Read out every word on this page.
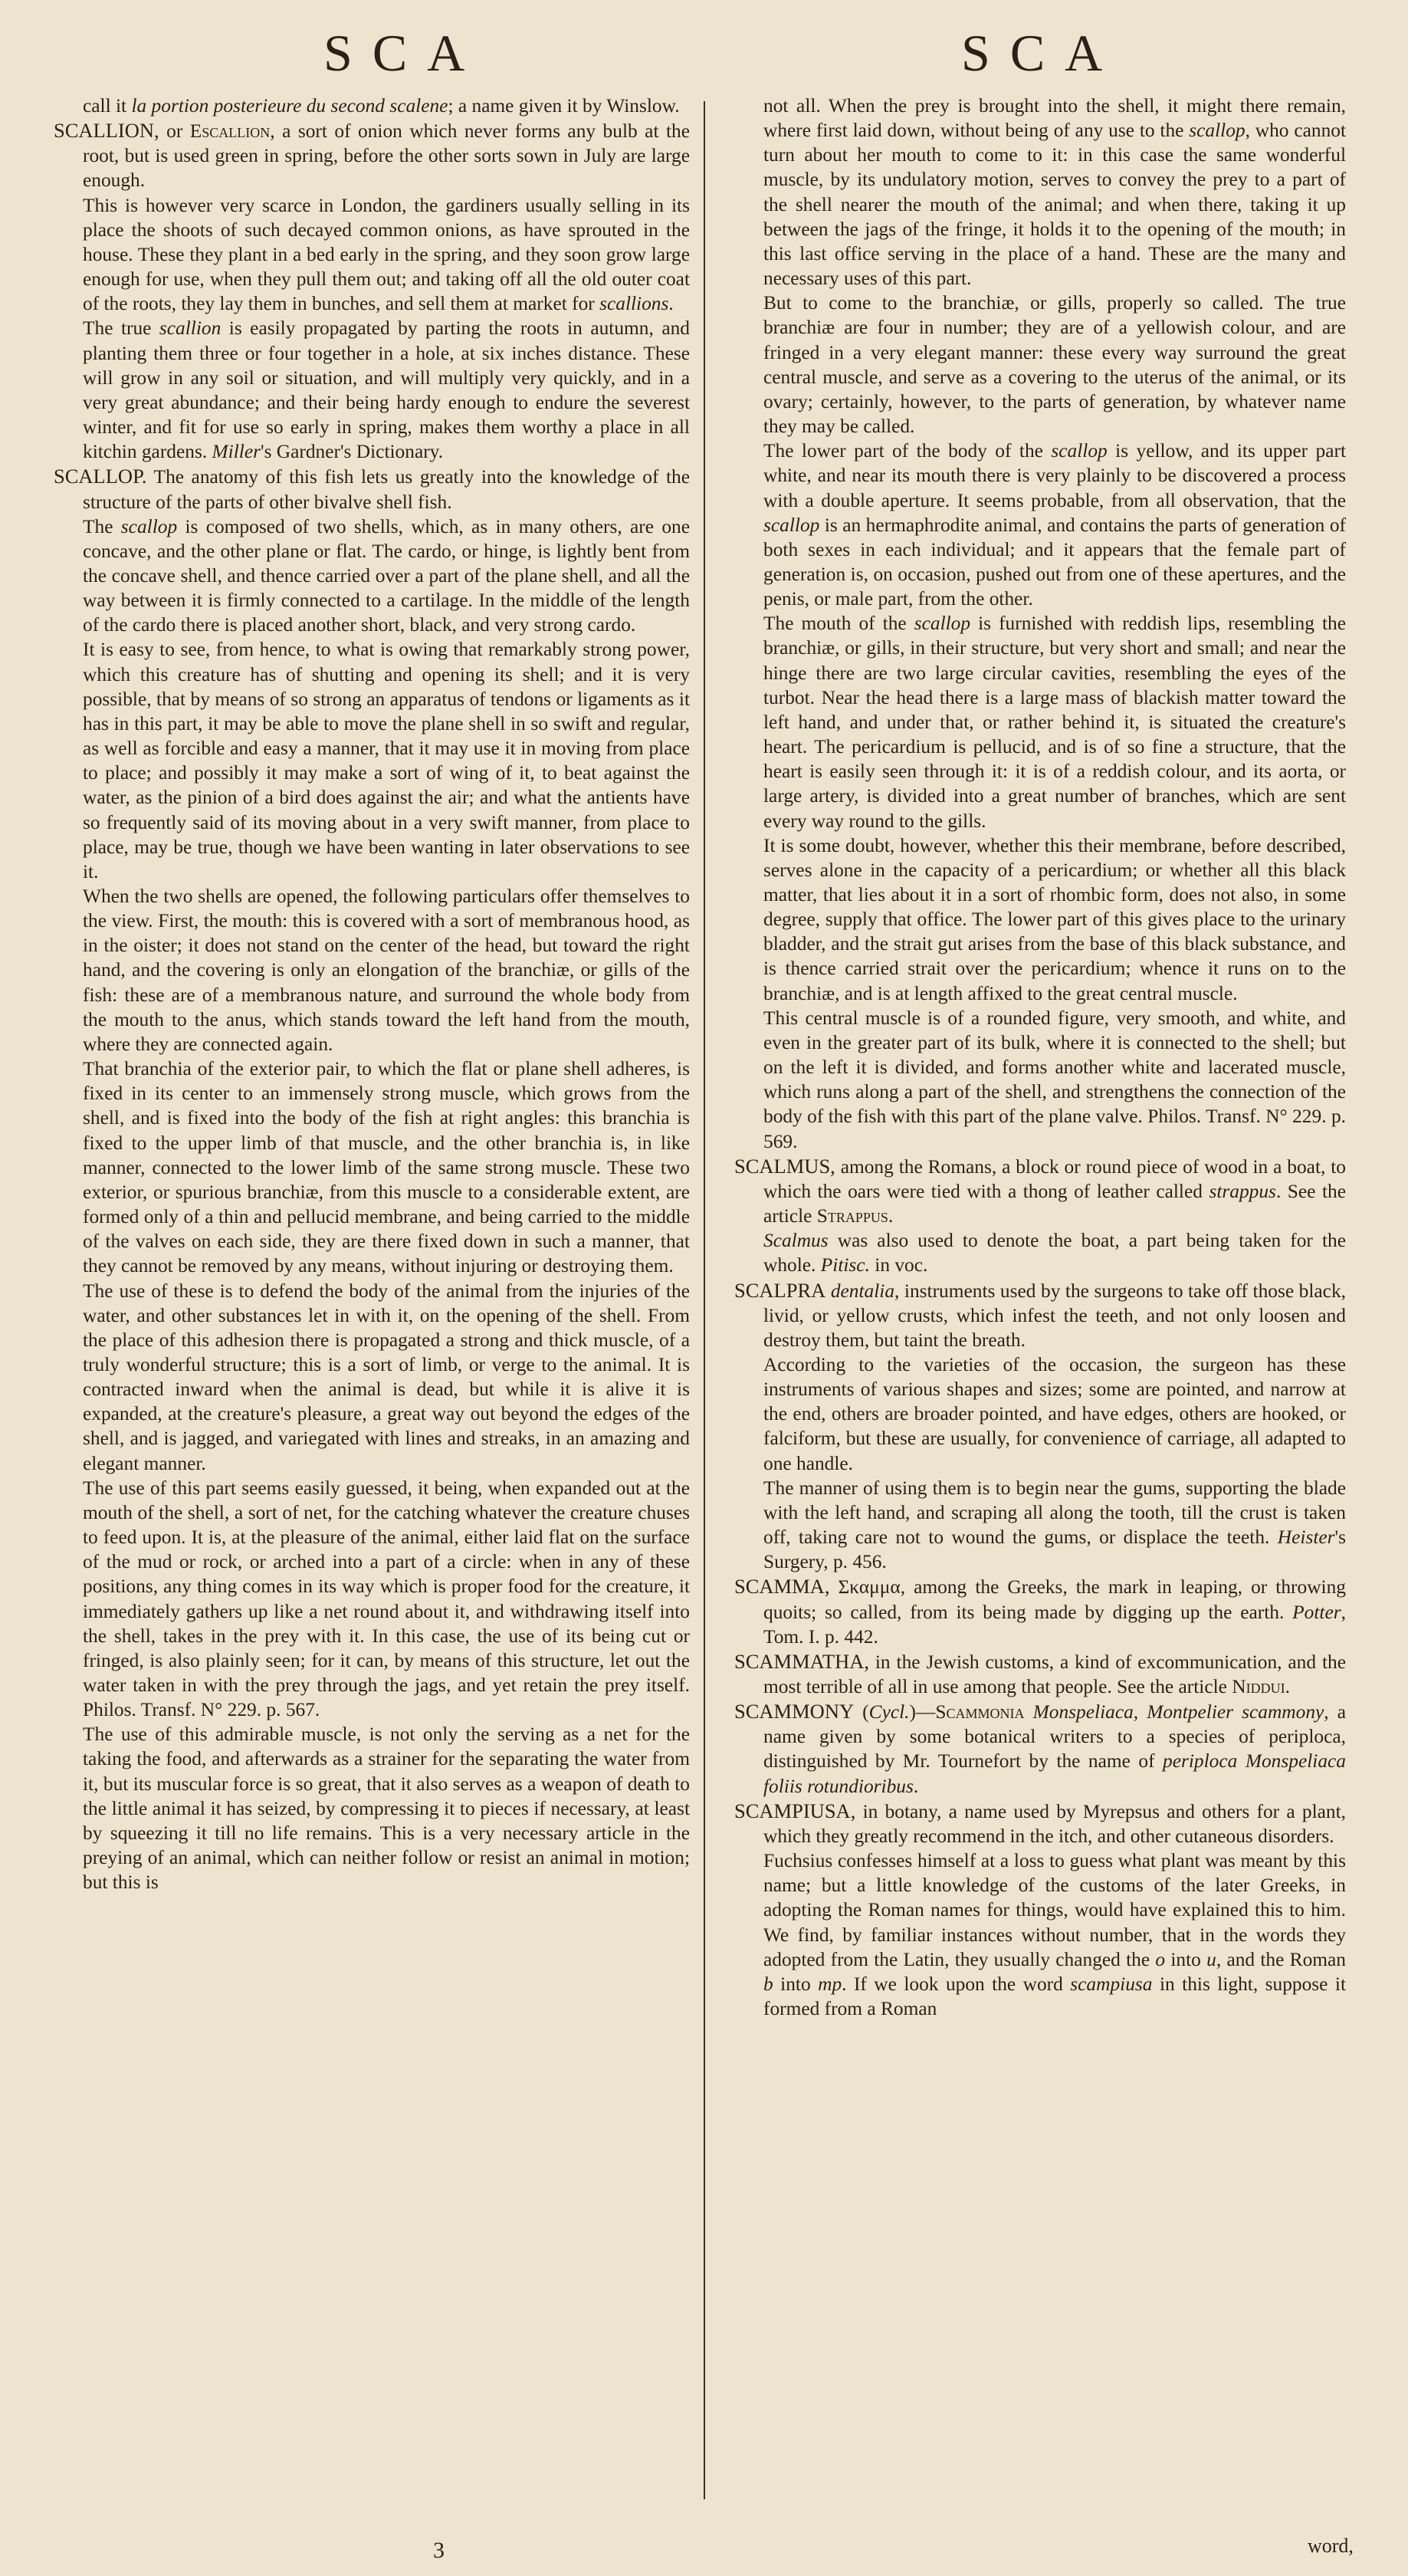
SCA	SCA

call it la portion posterieure du second scalene; a name given it by Winslow.

SCALLION, or Escallion, a sort of onion which never forms any bulb at the root, but is used green in spring, before the other sorts sown in July are large enough.

This is however very scarce in London, the gardiners usually selling in its place the shoots of such decayed common onions, as have sprouted in the house. These they plant in a bed early in the spring, and they soon grow large enough for use, when they pull them out; and taking off all the old outer coat of the roots, they lay them in bunches, and sell them at market for scallions.

The true scallion is easily propagated by parting the roots in autumn, and planting them three or four together in a hole, at six inches distance. These will grow in any soil or situation, and will multiply very quickly, and in a very great abundance; and their being hardy enough to endure the severest winter, and fit for use so early in spring, makes them worthy a place in all kitchin gardens. Miller's Gardner's Dictionary.

SCALLOP. The anatomy of this fish lets us greatly into the knowledge of the structure of the parts of other bivalve shell fish.

The scallop is composed of two shells, which, as in many others, are one concave, and the other plane or flat. The cardo, or hinge, is lightly bent from the concave shell, and thence carried over a part of the plane shell, and all the way between it is firmly connected to a cartilage. In the middle of the length of the cardo there is placed another short, black, and very strong cardo.

It is easy to see, from hence, to what is owing that remarkably strong power, which this creature has of shutting and opening its shell; and it is very possible, that by means of so strong an apparatus of tendons or ligaments as it has in this part, it may be able to move the plane shell in so swift and regular, as well as forcible and easy a manner, that it may use it in moving from place to place; and possibly it may make a sort of wing of it, to beat against the water, as the pinion of a bird does against the air; and what the antients have so frequently said of its moving about in a very swift manner, from place to place, may be true, though we have been wanting in later observations to see it.

When the two shells are opened, the following particulars offer themselves to the view. First, the mouth: this is covered with a sort of membranous hood, as in the oister; it does not stand on the center of the head, but toward the right hand, and the covering is only an elongation of the branchiæ, or gills of the fish: these are of a membranous nature, and surround the whole body from the mouth to the anus, which stands toward the left hand from the mouth, where they are connected again.

That branchia of the exterior pair, to which the flat or plane shell adheres, is fixed in its center to an immensely strong muscle, which grows from the shell, and is fixed into the body of the fish at right angles: this branchia is fixed to the upper limb of that muscle, and the other branchia is, in like manner, connected to the lower limb of the same strong muscle. These two exterior, or spurious branchiæ, from this muscle to a considerable extent, are formed only of a thin and pellucid membrane, and being carried to the middle of the valves on each side, they are there fixed down in such a manner, that they cannot be removed by any means, without injuring or destroying them.

The use of these is to defend the body of the animal from the injuries of the water, and other substances let in with it, on the opening of the shell. From the place of this adhesion there is propagated a strong and thick muscle, of a truly wonderful structure; this is a sort of limb, or verge to the animal. It is contracted inward when the animal is dead, but while it is alive it is expanded, at the creature's pleasure, a great way out beyond the edges of the shell, and is jagged, and variegated with lines and streaks, in an amazing and elegant manner.

The use of this part seems easily guessed, it being, when expanded out at the mouth of the shell, a sort of net, for the catching whatever the creature chuses to feed upon. It is, at the pleasure of the animal, either laid flat on the surface of the mud or rock, or arched into a part of a circle: when in any of these positions, any thing comes in its way which is proper food for the creature, it immediately gathers up like a net round about it, and withdrawing itself into the shell, takes in the prey with it. In this case, the use of its being cut or fringed, is also plainly seen; for it can, by means of this structure, let out the water taken in with the prey through the jags, and yet retain the prey itself. Philos. Transf. N° 229. p. 567.

The use of this admirable muscle, is not only the serving as a net for the taking the food, and afterwards as a strainer for the separating the water from it, but its muscular force is so great, that it also serves as a weapon of death to the little animal it has seized, by compressing it to pieces if necessary, at least by squeezing it till no life remains. This is a very necessary article in the preying of an animal, which can neither follow or resist an animal in motion; but this is

not all. When the prey is brought into the shell, it might there remain, where first laid down, without being of any use to the scallop, who cannot turn about her mouth to come to it: in this case the same wonderful muscle, by its undulatory motion, serves to convey the prey to a part of the shell nearer the mouth of the animal; and when there, taking it up between the jags of the fringe, it holds it to the opening of the mouth; in this last office serving in the place of a hand. These are the many and necessary uses of this part.

But to come to the branchiæ, or gills, properly so called. The true branchiæ are four in number; they are of a yellowish colour, and are fringed in a very elegant manner: these every way surround the great central muscle, and serve as a covering to the uterus of the animal, or its ovary; certainly, however, to the parts of generation, by whatever name they may be called.

The lower part of the body of the scallop is yellow, and its upper part white, and near its mouth there is very plainly to be discovered a process with a double aperture. It seems probable, from all observation, that the scallop is an hermaphrodite animal, and contains the parts of generation of both sexes in each individual; and it appears that the female part of generation is, on occasion, pushed out from one of these apertures, and the penis, or male part, from the other.

The mouth of the scallop is furnished with reddish lips, resembling the branchiæ, or gills, in their structure, but very short and small; and near the hinge there are two large circular cavities, resembling the eyes of the turbot. Near the head there is a large mass of blackish matter toward the left hand, and under that, or rather behind it, is situated the creature's heart. The pericardium is pellucid, and is of so fine a structure, that the heart is easily seen through it: it is of a reddish colour, and its aorta, or large artery, is divided into a great number of branches, which are sent every way round to the gills.

It is some doubt, however, whether this their membrane, before described, serves alone in the capacity of a pericardium; or whether all this black matter, that lies about it in a sort of rhombic form, does not also, in some degree, supply that office. The lower part of this gives place to the urinary bladder, and the strait gut arises from the base of this black substance, and is thence carried strait over the pericardium; whence it runs on to the branchiæ, and is at length affixed to the great central muscle.

This central muscle is of a rounded figure, very smooth, and white, and even in the greater part of its bulk, where it is connected to the shell; but on the left it is divided, and forms another white and lacerated muscle, which runs along a part of the shell, and strengthens the connection of the body of the fish with this part of the plane valve. Philos. Transf. N° 229. p. 569.

SCALMUS, among the Romans, a block or round piece of wood in a boat, to which the oars were tied with a thong of leather called strappus. See the article Strappus.

Scalmus was also used to denote the boat, a part being taken for the whole. Pitisc. in voc.

SCALPRA dentalia, instruments used by the surgeons to take off those black, livid, or yellow crusts, which infest the teeth, and not only loosen and destroy them, but taint the breath.

According to the varieties of the occasion, the surgeon has these instruments of various shapes and sizes; some are pointed, and narrow at the end, others are broader pointed, and have edges, others are hooked, or falciform, but these are usually, for convenience of carriage, all adapted to one handle.

The manner of using them is to begin near the gums, supporting the blade with the left hand, and scraping all along the tooth, till the crust is taken off, taking care not to wound the gums, or displace the teeth. Heister's Surgery, p. 456.

SCAMMA, Σκαμμα, among the Greeks, the mark in leaping, or throwing quoits; so called, from its being made by digging up the earth. Potter, Tom. I. p. 442.

SCAMMATHA, in the Jewish customs, a kind of excommunication, and the most terrible of all in use among that people. See the article Niddui.

SCAMMONY (Cycl.)—Scammonia Monspeliaca, Montpelier scammony, a name given by some botanical writers to a species of periploca, distinguished by Mr. Tournefort by the name of periploca Monspeliaca foliis rotundioribus.

SCAMPIUSA, in botany, a name used by Myrepsus and others for a plant, which they greatly recommend in the itch, and other cutaneous disorders.

Fuchsius confesses himself at a loss to guess what plant was meant by this name; but a little knowledge of the customs of the later Greeks, in adopting the Roman names for things, would have explained this to him. We find, by familiar instances without number, that in the words they adopted from the Latin, they usually changed the o into u, and the Roman b into mp. If we look upon the word scampiusa in this light, suppose it formed from a Roman

3	word,
